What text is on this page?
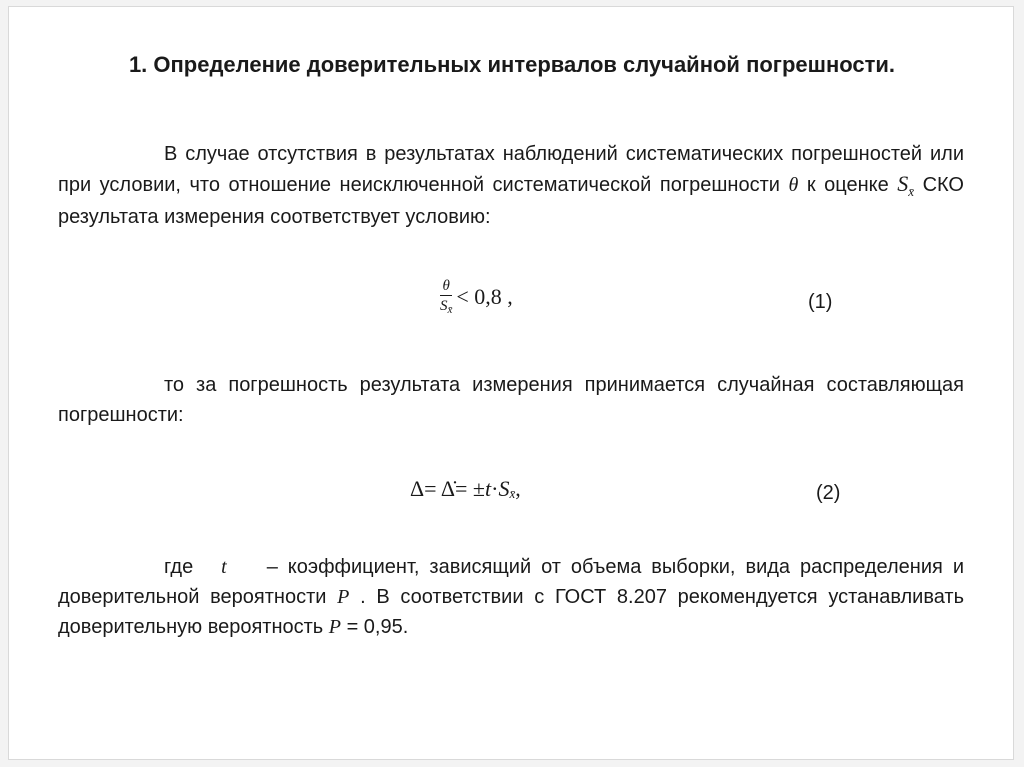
1. Определение доверительных интервалов случайной погрешности.
В случае отсутствия в результатах наблюдений систематических погрешностей или при условии, что отношение неисключенной систематической погрешности θ к оценке $S_{x̄}$ СКО результата измерения соответствует условию:
$\frac{\theta}{S_{x̄}} < 0,8$ ,	(1)
то за погрешность результата измерения принимается случайная составляющая погрешности:
Δ= Δ̇= ± t · S x̄ ,	(2)
где t – коэффициент, зависящий от объема выборки, вида распределения и доверительной вероятности P . В соответствии с ГОСТ 8.207 рекомендуется устанавливать доверительную вероятность P = 0,95.
